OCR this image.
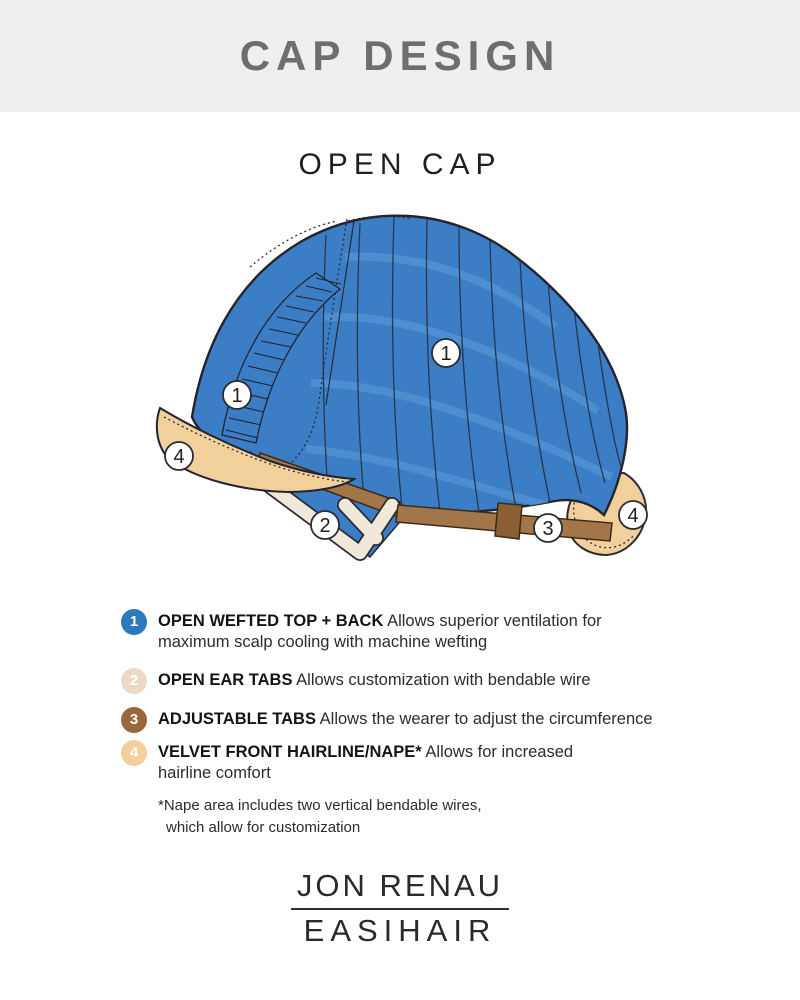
CAP DESIGN
OPEN CAP
1
1
4
2	3
4
1	OPEN WEFTED TOP + BACK Allows superior ventilation for maximum scalp cooling with machine wefting
2	OPEN EAR TABS Allows customization with bendable wire
3	ADJUSTABLE TABS Allows the wearer to adjust the circumference
4	VELVET FRONT HAIRLINE/NAPE* Allows for increased hairline comfort
*Nape area includes two vertical bendable wires,
which allow for customization
JON RENAU
EASIHAIR
